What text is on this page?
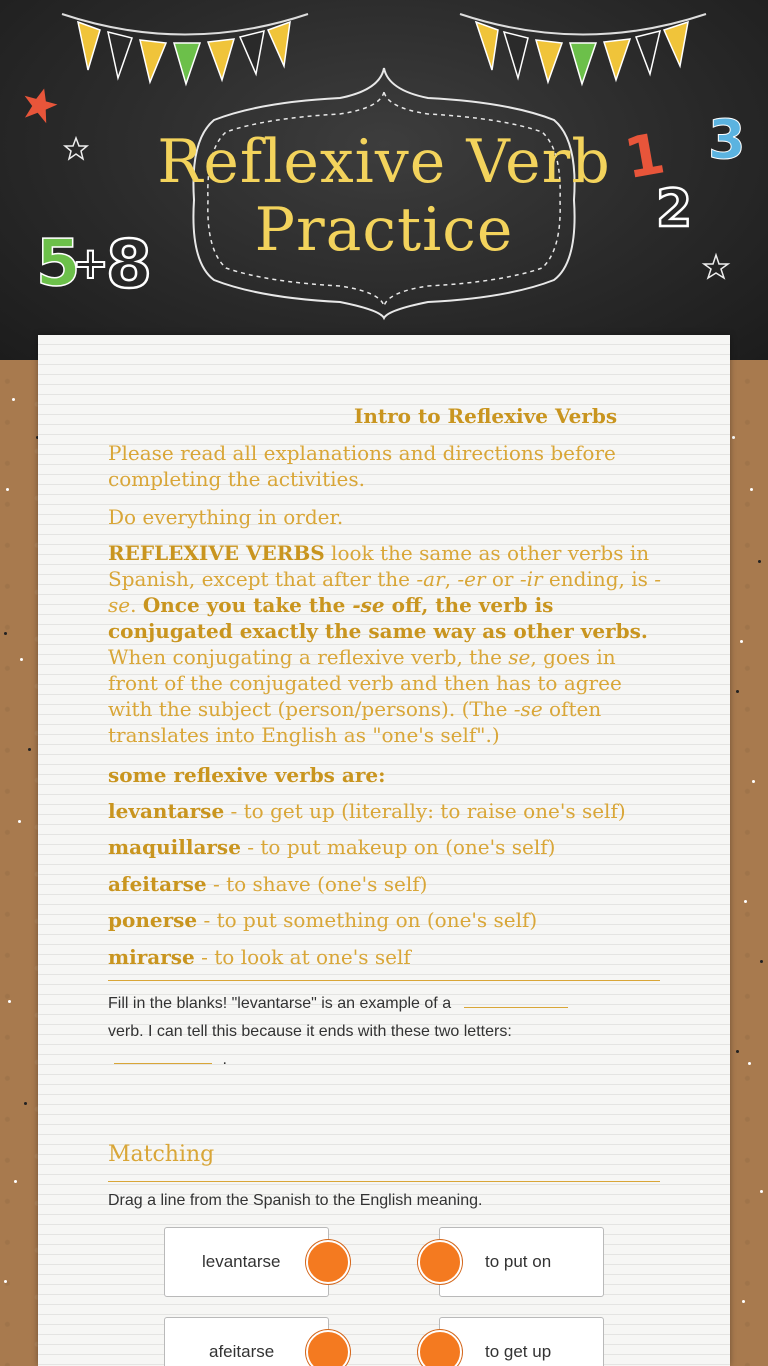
5
+
8
1
2
3
Reflexive Verb
Practice
Intro to Reflexive Verbs
Please read all explanations and directions before completing the activities.
Do everything in order.
REFLEXIVE VERBS look the same as other verbs in Spanish, except that after the -ar, -er or -ir ending, is -se. Once you take the -se off, the verb is conjugated exactly the same way as other verbs. When conjugating a reflexive verb, the se, goes in front of the conjugated verb and then has to agree with the subject (person/persons). (The -se often translates into English as "one's self".)
some reflexive verbs are:
levantarse - to get up (literally: to raise one's self)
maquillarse - to put makeup on (one's self)
afeitarse - to shave (one's self)
ponerse - to put something on (one's self)
mirarse - to look at one's self
Fill in the blanks! "levantarse" is an example of a
verb. I can tell this because it ends with these two letters:
.
Matching
Drag a line from the Spanish to the English meaning.
levantarse	to put on
afeitarse	to get up
